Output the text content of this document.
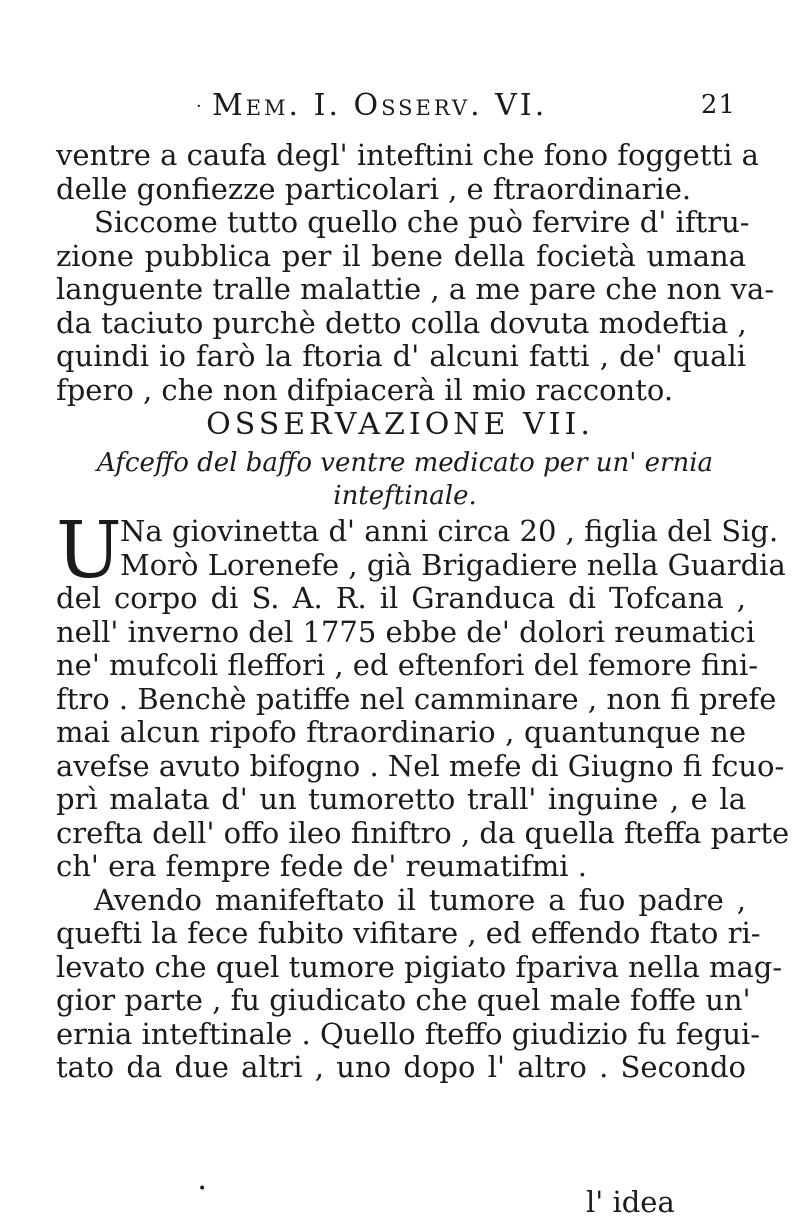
· Mem. I. Osserv. VI.	21
ventre a caufa degl' inteftini che fono foggetti a
delle gonfiezze particolari , e ftraordinarie.
Siccome tutto quello che può fervire d' iftru-
zione pubblica per il bene della focietà umana
languente tralle malattie , a me pare che non va-
da taciuto purchè detto colla dovuta modeftia ,
quindi io farò la ftoria d' alcuni fatti , de' quali
fpero , che non difpiacerà il mio racconto.
OSSERVAZIONE VII.
Afceffo del baffo ventre medicato per un' ernia
inteftinale.
U
Na giovinetta d' anni circa 20 , figlia del Sig.
Morò Lorenefe , già Brigadiere nella Guardia
del corpo di S. A. R. il Granduca di Tofcana ,
nell' inverno del 1775 ebbe de' dolori reumatici
ne' mufcoli fleffori , ed eftenfori del femore fini-
ftro . Benchè patiffe nel camminare , non fi prefe
mai alcun ripofo ftraordinario , quantunque ne
avefse avuto bifogno . Nel mefe di Giugno fi fcuo-
prì malata d' un tumoretto trall' inguine , e la
crefta dell' offo ileo finiftro , da quella fteffa parte
ch' era fempre fede de' reumatifmi .
Avendo manifeftato il tumore a fuo padre ,
quefti la fece fubito vifitare , ed effendo ftato ri-
levato che quel tumore pigiato fpariva nella mag-
gior parte , fu giudicato che quel male foffe un'
ernia inteftinale . Quello fteffo giudizio fu fegui-
tato da due altri , uno dopo l' altro . Secondo
•	l' idea
